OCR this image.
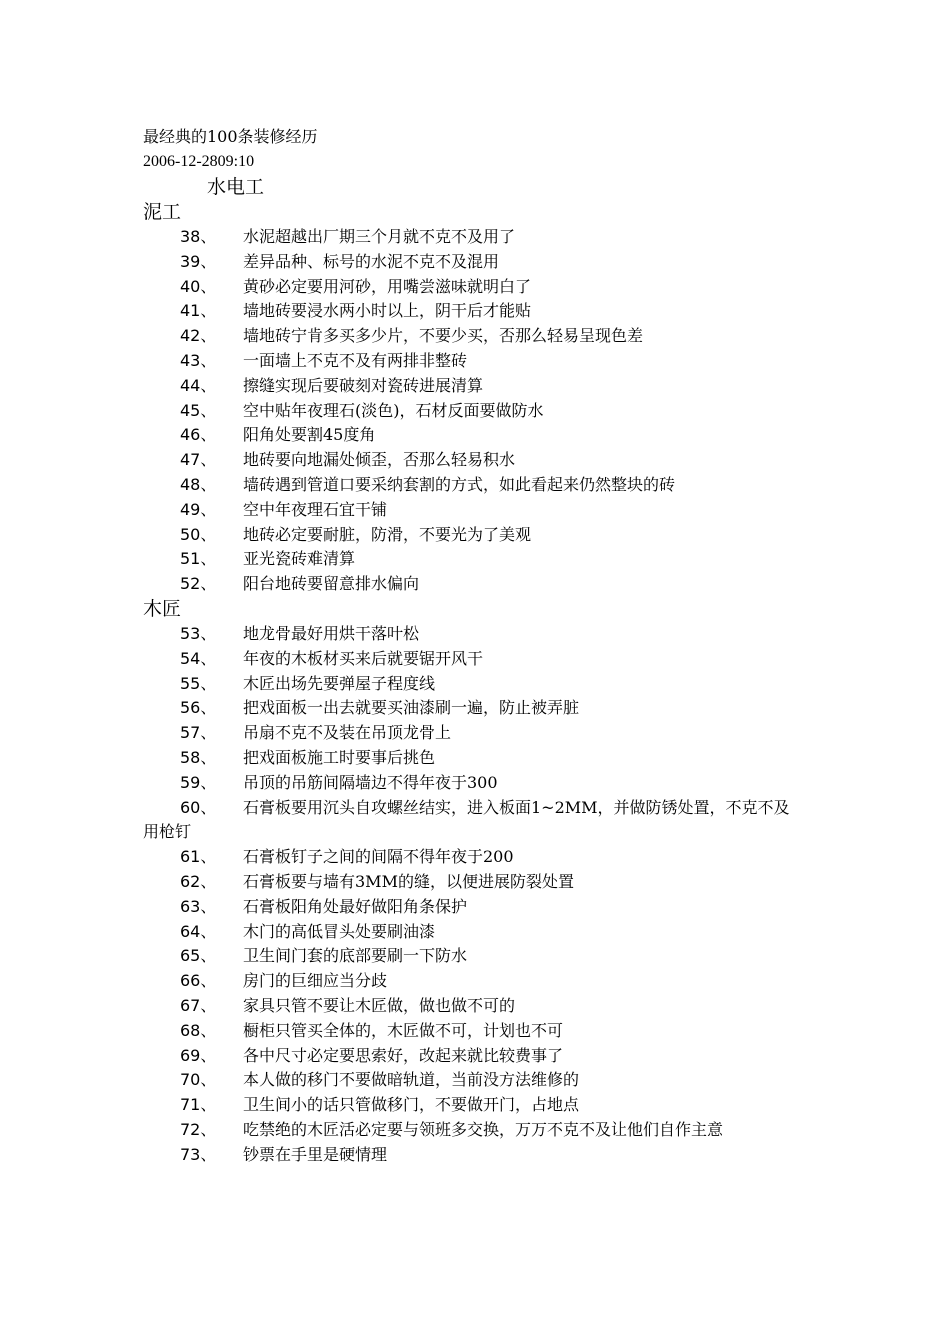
最经典的100条装修经历
2006-12-2809:10
水电工
泥工
38、	水泥超越出厂期三个月就不克不及用了
39、	差异品种、标号的水泥不克不及混用
40、	黄砂必定要用河砂，用嘴尝滋味就明白了
41、	墙地砖要浸水两小时以上，阴干后才能贴
42、	墙地砖宁肯多买多少片，不要少买，否那么轻易呈现色差
43、	一面墙上不克不及有两排非整砖
44、	擦缝实现后要破刻对瓷砖进展清算
45、	空中贴年夜理石(淡色)，石材反面要做防水
46、	阳角处要割45度角
47、	地砖要向地漏处倾歪，否那么轻易积水
48、	墙砖遇到管道口要采纳套割的方式，如此看起来仍然整块的砖
49、	空中年夜理石宜干铺
50、	地砖必定要耐脏，防滑，不要光为了美观
51、	亚光瓷砖难清算
52、	阳台地砖要留意排水偏向
木匠
53、	地龙骨最好用烘干落叶松
54、	年夜的木板材买来后就要锯开风干
55、	木匠出场先要弹屋子程度线
56、	把戏面板一出去就要买油漆刷一遍，防止被弄脏
57、	吊扇不克不及装在吊顶龙骨上
58、	把戏面板施工时要事后挑色
59、	吊顶的吊筋间隔墙边不得年夜于300
60、	石膏板要用沉头自攻螺丝结实，进入板面1~2MM，并做防锈处置，不克不及用枪钉
61、	石膏板钉子之间的间隔不得年夜于200
62、	石膏板要与墙有3MM的缝，以便进展防裂处置
63、	石膏板阳角处最好做阳角条保护
64、	木门的高低冒头处要刷油漆
65、	卫生间门套的底部要刷一下防水
66、	房门的巨细应当分歧
67、	家具只管不要让木匠做，做也做不可的
68、	橱柜只管买全体的，木匠做不可，计划也不可
69、	各中尺寸必定要思索好，改起来就比较费事了
70、	本人做的移门不要做暗轨道，当前没方法维修的
71、	卫生间小的话只管做移门，不要做开门，占地点
72、	吃禁绝的木匠活必定要与领班多交换，万万不克不及让他们自作主意
73、	钞票在手里是硬情理
